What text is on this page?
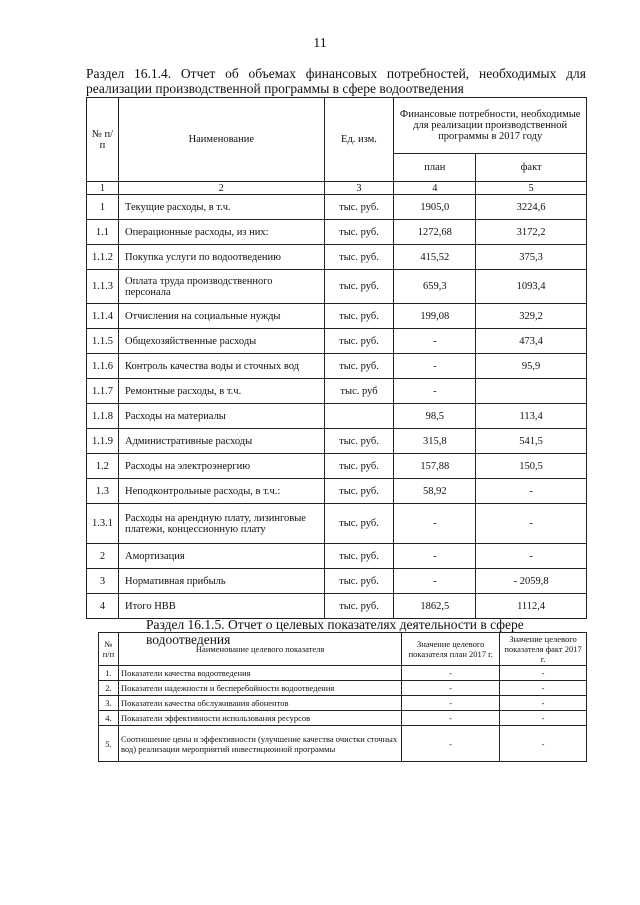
11
Раздел 16.1.4. Отчет об объемах финансовых потребностей, необходимых для
реализации производственной программы в сфере водоотведения
№ п/п	Наименование	Ед. изм.	Финансовые потребности, необходимые для реализации производственной программы в 2017 году	
			план	факт
1	2	3	4	5
1	Текущие расходы, в т.ч.	тыс. руб.	1905,0	3224,6
1.1	Операционные расходы, из них:	тыс. руб.	1272,68	3172,2
1.1.2	Покупка услуги по водоотведению	тыс. руб.	415,52	375,3
1.1.3	Оплата труда производственного персонала	тыс. руб.	659,3	1093,4
1.1.4	Отчисления на социальные нужды	тыс. руб.	199,08	329,2
1.1.5	Общехозяйственные расходы	тыс. руб.	-	473,4
1.1.6	Контроль качества воды и сточных вод	тыс. руб.	-	95,9
1.1.7	Ремонтные расходы, в т.ч.	тыс. руб	-	
1.1.8	Расходы на материалы		98,5	113,4
1.1.9	Административные расходы	тыс. руб.	315,8	541,5
1.2	Расходы на электроэнергию	тыс. руб.	157,88	150,5
1.3	Неподконтрольные расходы, в т.ч.:	тыс. руб.	58,92	-
1.3.1	Расходы на арендную плату, лизинговые платежи, концессионную плату	тыс. руб.	-	-
2	Амортизация	тыс. руб.	-	-
3	Нормативная прибыль	тыс. руб.	-	- 2059,8
4	Итого НВВ	тыс. руб.	1862,5	1112,4
Раздел 16.1.5. Отчет о целевых показателях деятельности в сфере водоотведения
№ п/п	Наименование целевого показателя	Значение целевого показателя план 2017 г.	Значение целевого показателя факт 2017 г.
1.	Показатели качества водоотведения	-	-
2.	Показатели надежности и бесперебойности водоотведения	-	-
3.	Показатели качества обслуживания абонентов	-	-
4.	Показатели эффективности использования ресурсов	-	-
5.	Соотношение цены и эффективности (улучшение качества очистки сточных вод) реализации мероприятий инвестиционной программы	-	-
